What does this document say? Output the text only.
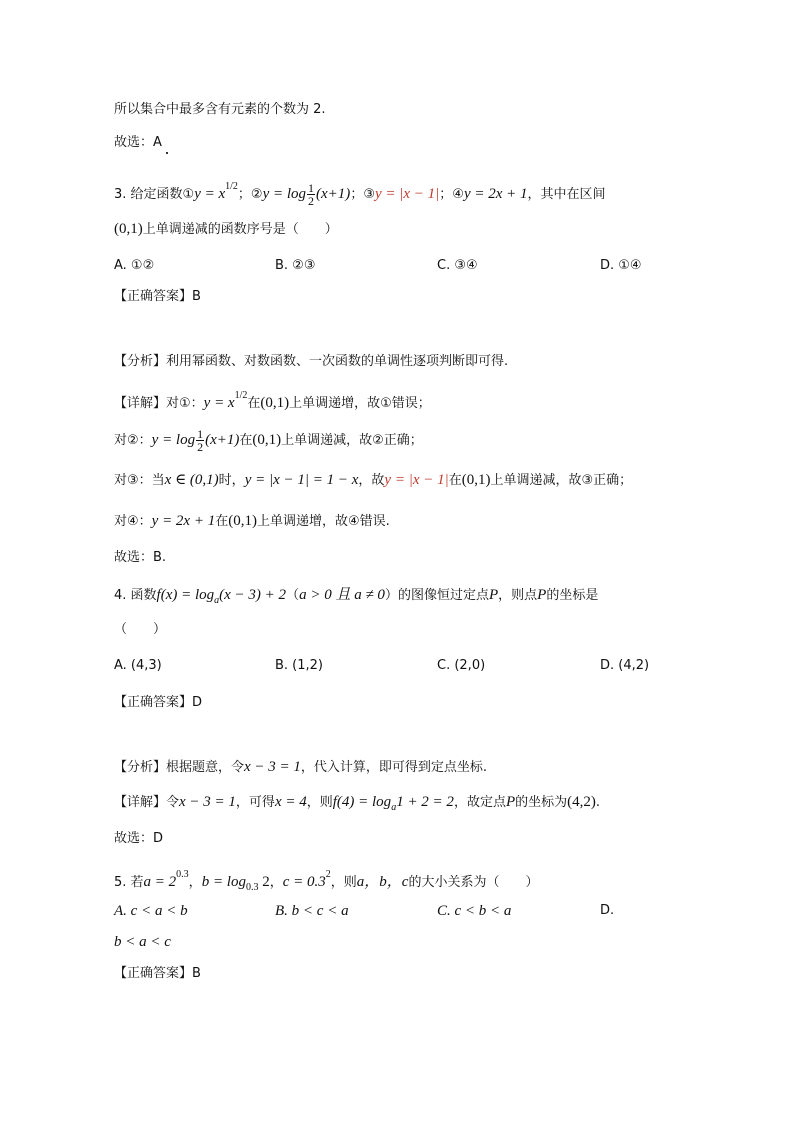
所以集合中最多含有元素的个数为 2.
故选：A
3. 给定函数①y = $x^{1/2}$；②y = $\log \frac{1}{2} (x+1)$；③y = |x − 1|；④y = 2x + 1，其中在区间
(0,1)上单调递减的函数序号是（　　）
A. ①②	B. ②③	C. ③④	D. ①④
【正确答案】B
【分析】利用幂函数、对数函数、一次函数的单调性逐项判断即可得.
【详解】对①：$y = x^{1/2}$在(0,1)上单调递增，故①错误；
对②：$y = \log \frac{1}{2} (x+1)$在(0,1)上单调递减，故②正确；
对③：当x ∈ (0,1)时，y = |x − 1| = 1 − x，故y = |x − 1|在(0,1)上单调递减，故③正确；
对④：y = 2x + 1在(0,1)上单调递增，故④错误.
故选：B.
4. 函数$f(x) = \log_a(x - 3) + 2(a > 0$ 且 a ≠ 0）的图像恒过定点P，则点P的坐标是
（　　）
A. (4,3)	B. (1,2)	C. (2,0)	D. (4,2)
【正确答案】D
【分析】根据题意，令x − 3 = 1，代入计算，即可得到定点坐标.
【详解】令x − 3 = 1，可得x = 4，则$f(4) = \log_a1 + 2 = 2$，故定点P的坐标为(4,2).
故选：D
5. 若$a = 2^{0.3}$，$b = \log_{0.3} 2$，$c = 0.3^2$，则a，b，c的大小关系为（　　）
A. c < a < b	B. b < c < a	C. c < b < a	D.
b < a < c
【正确答案】B
